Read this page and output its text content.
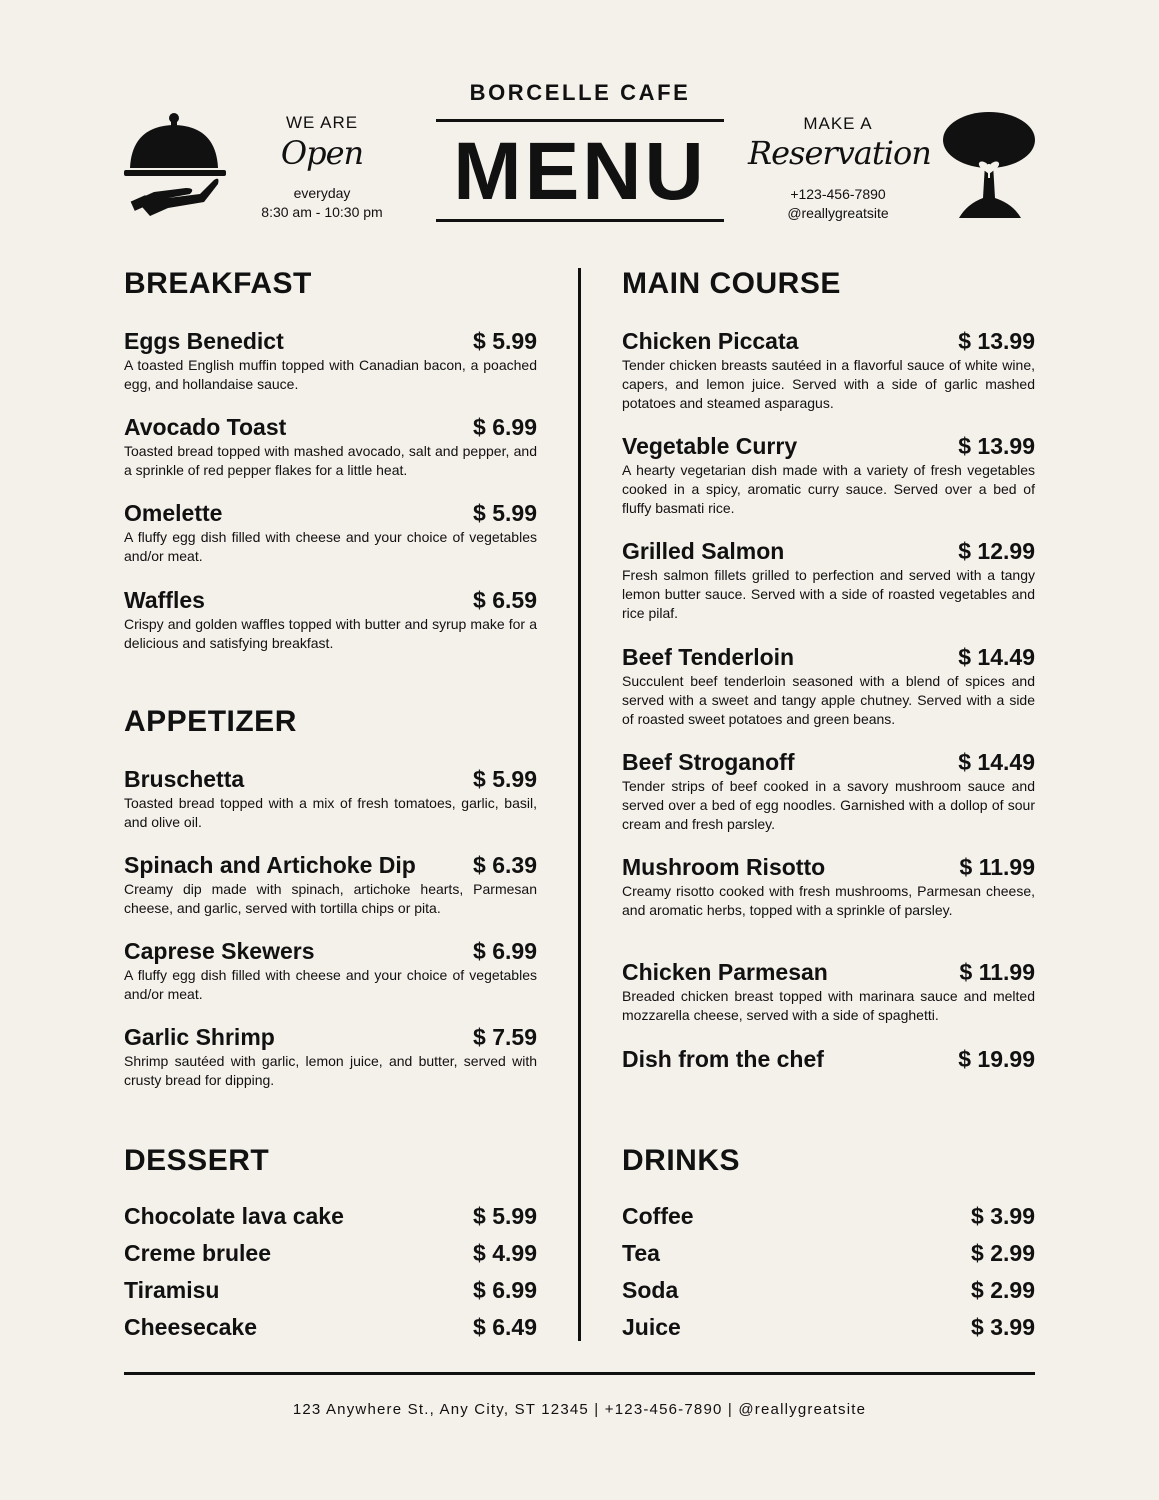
WE ARE
Open
everyday
8:30 am - 10:30 pm
BORCELLE CAFE
MENU
MAKE A
Reservation
+123-456-7890
@reallygreatsite
BREAKFAST
Eggs Benedict	$ 5.99
A toasted English muffin topped with Canadian bacon, a poached egg, and hollandaise sauce.
Avocado Toast	$ 6.99
Toasted bread topped with mashed avocado, salt and pepper, and a sprinkle of red pepper flakes for a little heat.
Omelette	$ 5.99
A fluffy egg dish filled with cheese and your choice of vegetables and/or meat.
Waffles	$ 6.59
Crispy and golden waffles topped with butter and syrup make for a delicious and satisfying breakfast.
APPETIZER
Bruschetta	$ 5.99
Toasted bread topped with a mix of fresh tomatoes, garlic, basil, and olive oil.
Spinach and Artichoke Dip $ 6.39
Creamy dip made with spinach, artichoke hearts, Parmesan cheese, and garlic, served with tortilla chips or pita.
Caprese Skewers	$ 6.99
A fluffy egg dish filled with cheese and your choice of vegetables and/or meat.
Garlic Shrimp	$ 7.59
Shrimp sautéed with garlic, lemon juice, and butter, served with crusty bread for dipping.
DESSERT
Chocolate lava cake	$ 5.99
Creme brulee	$ 4.99
Tiramisu	$ 6.99
Cheesecake	$ 6.49
MAIN COURSE
Chicken Piccata	$ 13.99
Tender chicken breasts sautéed in a flavorful sauce of white wine, capers, and lemon juice. Served with a side of garlic mashed potatoes and steamed asparagus.
Vegetable Curry	$ 13.99
A hearty vegetarian dish made with a variety of fresh vegetables cooked in a spicy, aromatic curry sauce. Served over a bed of fluffy basmati rice.
Grilled Salmon	$ 12.99
Fresh salmon fillets grilled to perfection and served with a tangy lemon butter sauce. Served with a side of roasted vegetables and rice pilaf.
Beef Tenderloin	$ 14.49
Succulent beef tenderloin seasoned with a blend of spices and served with a sweet and tangy apple chutney. Served with a side of roasted sweet potatoes and green beans.
Beef Stroganoff	$ 14.49
Tender strips of beef cooked in a savory mushroom sauce and served over a bed of egg noodles. Garnished with a dollop of sour cream and fresh parsley.
Mushroom Risotto	$ 11.99
Creamy risotto cooked with fresh mushrooms, Parmesan cheese, and aromatic herbs, topped with a sprinkle of parsley.
Chicken Parmesan	$ 11.99
Breaded chicken breast topped with marinara sauce and melted mozzarella cheese, served with a side of spaghetti.
Dish from the chef	$ 19.99
DRINKS
Coffee	$ 3.99
Tea	$ 2.99
Soda	$ 2.99
Juice	$ 3.99
123 Anywhere St., Any City, ST 12345 | +123-456-7890 | @reallygreatsite
